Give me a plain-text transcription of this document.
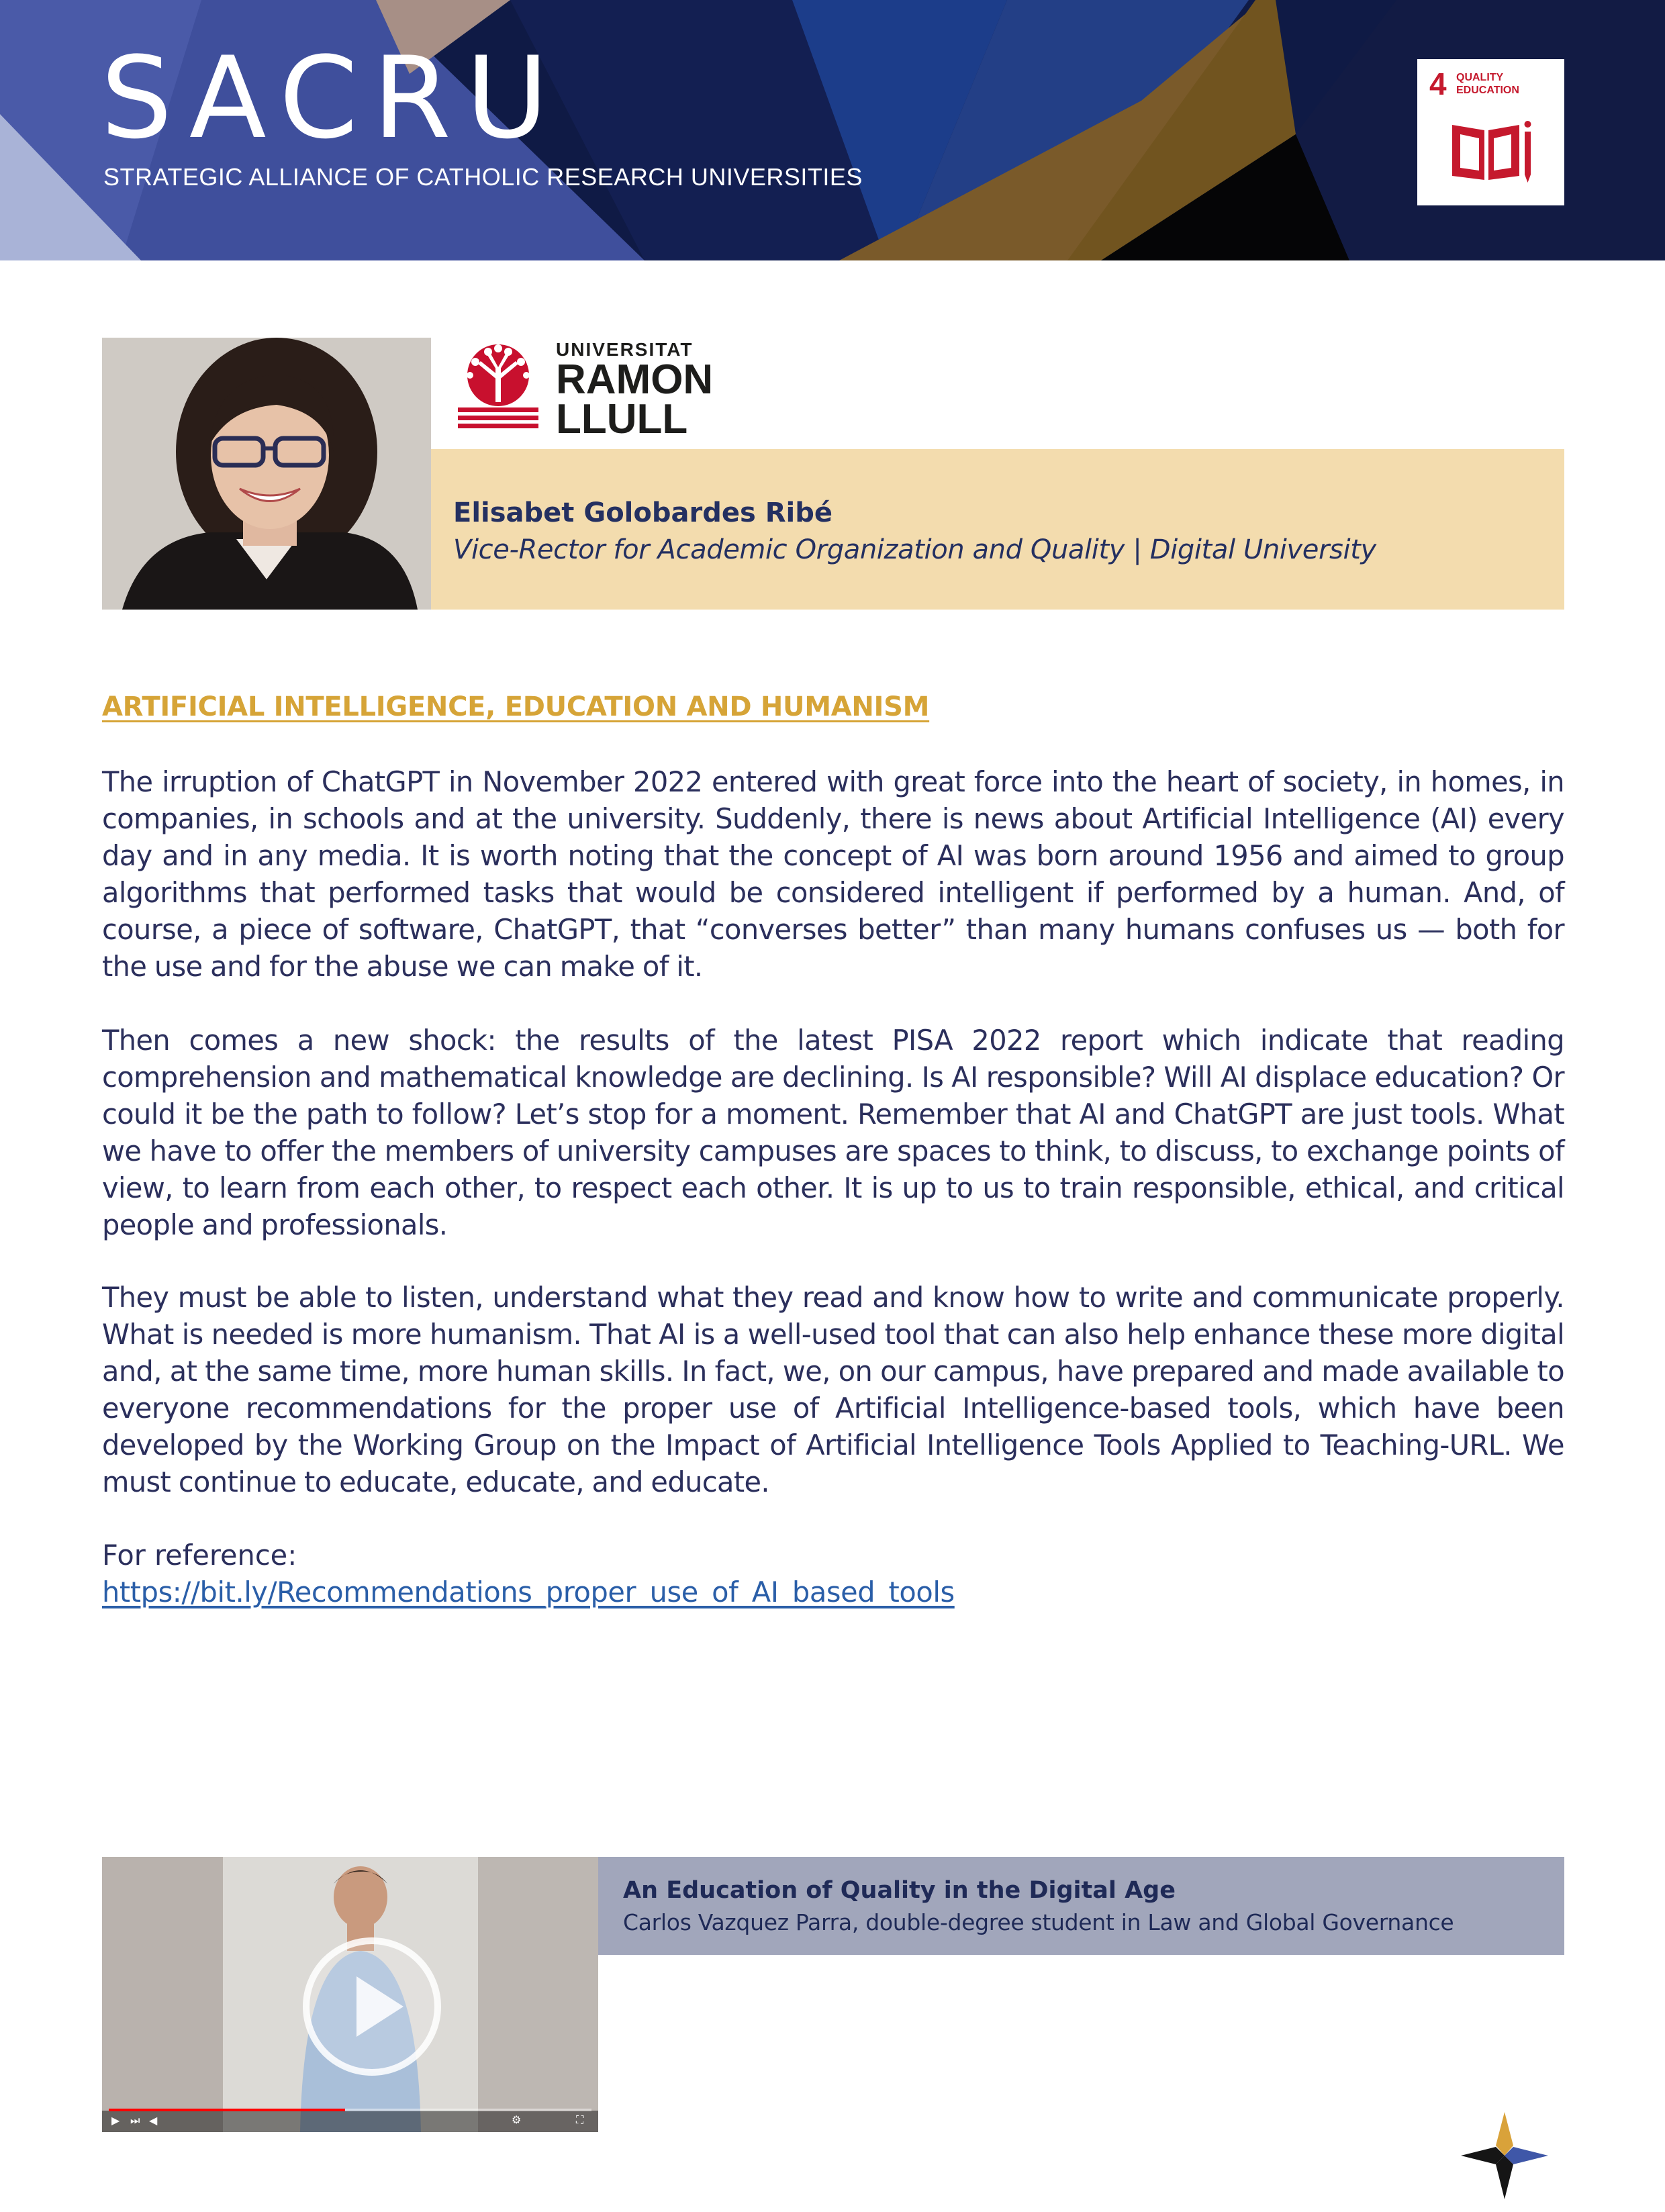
SACRU
STRATEGIC ALLIANCE OF CATHOLIC RESEARCH UNIVERSITIES
4 QUALITY
EDUCATION
UNIVERSITAT
RAMON
LLULL
Elisabet Golobardes Ribé
Vice-Rector for Academic Organization and Quality | Digital University
ARTIFICIAL INTELLIGENCE, EDUCATION AND HUMANISM

The irruption of ChatGPT in November 2022 entered with great force into the heart of society, in homes, in companies, in schools and at the university. Suddenly, there is news about Artificial Intelligence (AI) every day and in any media. It is worth noting that the concept of AI was born around 1956 and aimed to group algorithms that performed tasks that would be considered intelligent if performed by a human. And, of course, a piece of software, ChatGPT, that “converses better” than many humans confuses us — both for the use and for the abuse we can make of it.

Then comes a new shock: the results of the latest PISA 2022 report which indicate that reading comprehension and mathematical knowledge are declining. Is AI responsible? Will AI displace education? Or could it be the path to follow? Let’s stop for a moment. Remember that AI and ChatGPT are just tools. What we have to offer the members of university campuses are spaces to think, to discuss, to exchange points of view, to learn from each other, to respect each other. It is up to us to train responsible, ethical, and critical people and professionals.

They must be able to listen, understand what they read and know how to write and communicate properly. What is needed is more humanism. That AI is a well-used tool that can also help enhance these more digital and, at the same time, more human skills. In fact, we, on our campus, have prepared and made available to everyone recommendations for the proper use of Artificial Intelligence-based tools, which have been developed by the Working Group on the Impact of Artificial Intelligence Tools Applied to Teaching-URL. We must continue to educate, educate, and educate.

For reference:
https://bit.ly/Recommendations_proper_use_of_AI_based_tools
▶ ⏭ ◀	⚙	⛶
An Education of Quality in the Digital Age
Carlos Vazquez Parra, double-degree student in Law and Global Governance
